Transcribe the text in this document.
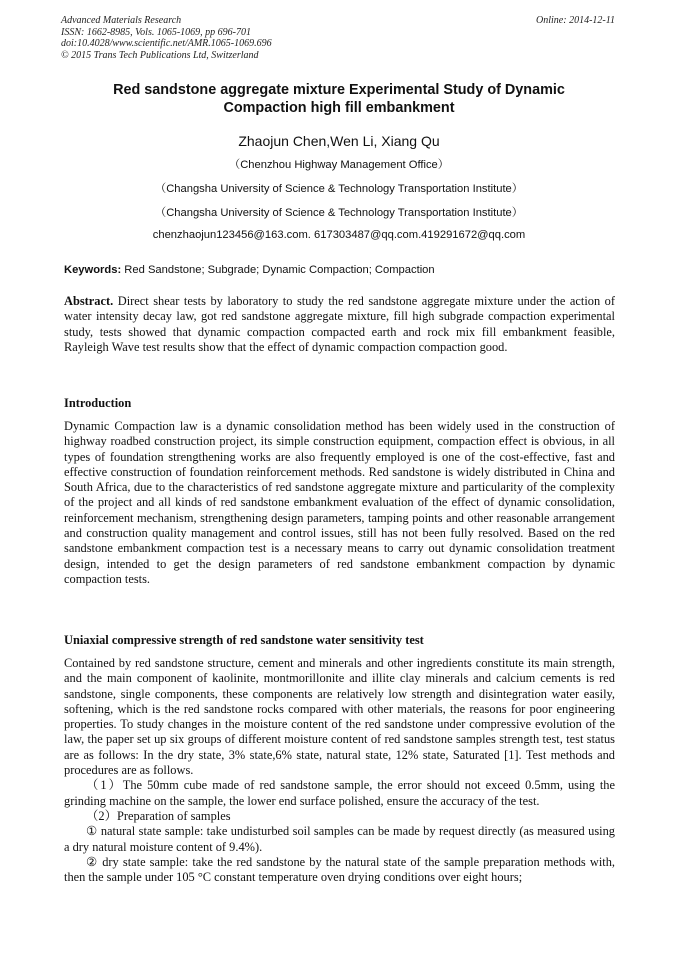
Advanced Materials Research
ISSN: 1662-8985, Vols. 1065-1069, pp 696-701
doi:10.4028/www.scientific.net/AMR.1065-1069.696
© 2015 Trans Tech Publications Ltd, Switzerland
Online: 2014-12-11
Red sandstone aggregate mixture Experimental Study of Dynamic Compaction high fill embankment
Zhaojun Chen,Wen Li, Xiang Qu
（Chenzhou Highway Management Office）
（Changsha University of Science & Technology Transportation Institute）
（Changsha University of Science & Technology Transportation Institute）
chenzhaojun123456@163.com. 617303487@qq.com.419291672@qq.com
Keywords: Red Sandstone; Subgrade; Dynamic Compaction; Compaction
Abstract. Direct shear tests by laboratory to study the red sandstone aggregate mixture under the action of water intensity decay law, got red sandstone aggregate mixture, fill high subgrade compaction experimental study, tests showed that dynamic compaction compacted earth and rock mix fill embankment feasible, Rayleigh Wave test results show that the effect of dynamic compaction compaction good.
Introduction
Dynamic Compaction law is a dynamic consolidation method has been widely used in the construction of highway roadbed construction project, its simple construction equipment, compaction effect is obvious, in all types of foundation strengthening works are also frequently employed is one of the cost-effective, fast and effective construction of foundation reinforcement methods. Red sandstone is widely distributed in China and South Africa, due to the characteristics of red sandstone aggregate mixture and particularity of the complexity of the project and all kinds of red sandstone embankment evaluation of the effect of dynamic consolidation, reinforcement mechanism, strengthening design parameters, tamping points and other reasonable arrangement and construction quality management and control issues, still has not been fully resolved. Based on the red sandstone embankment compaction test is a necessary means to carry out dynamic consolidation treatment design, intended to get the design parameters of red sandstone embankment compaction by dynamic compaction tests.
Uniaxial compressive strength of red sandstone water sensitivity test

Contained by red sandstone structure, cement and minerals and other ingredients constitute its main strength, and the main component of kaolinite, montmorillonite and illite clay minerals and calcium cements is red sandstone, single components, these components are relatively low strength and disintegration water easily, softening, which is the red sandstone rocks compared with other materials, the reasons for poor engineering properties. To study changes in the moisture content of the red sandstone under compressive evolution of the law, the paper set up six groups of different moisture content of red sandstone samples strength test, test status are as follows: In the dry state, 3% state,6% state, natural state, 12% state, Saturated [1]. Test methods and procedures are as follows.

（1）The 50mm cube made of red sandstone sample, the error should not exceed 0.5mm, using the grinding machine on the sample, the lower end surface polished, ensure the accuracy of the test.

（2）Preparation of samples

① natural state sample: take undisturbed soil samples can be made by request directly (as measured using a dry natural moisture content of 9.4%).

② dry state sample: take the red sandstone by the natural state of the sample preparation methods with, then the sample under 105 °C constant temperature oven drying conditions over eight hours;
